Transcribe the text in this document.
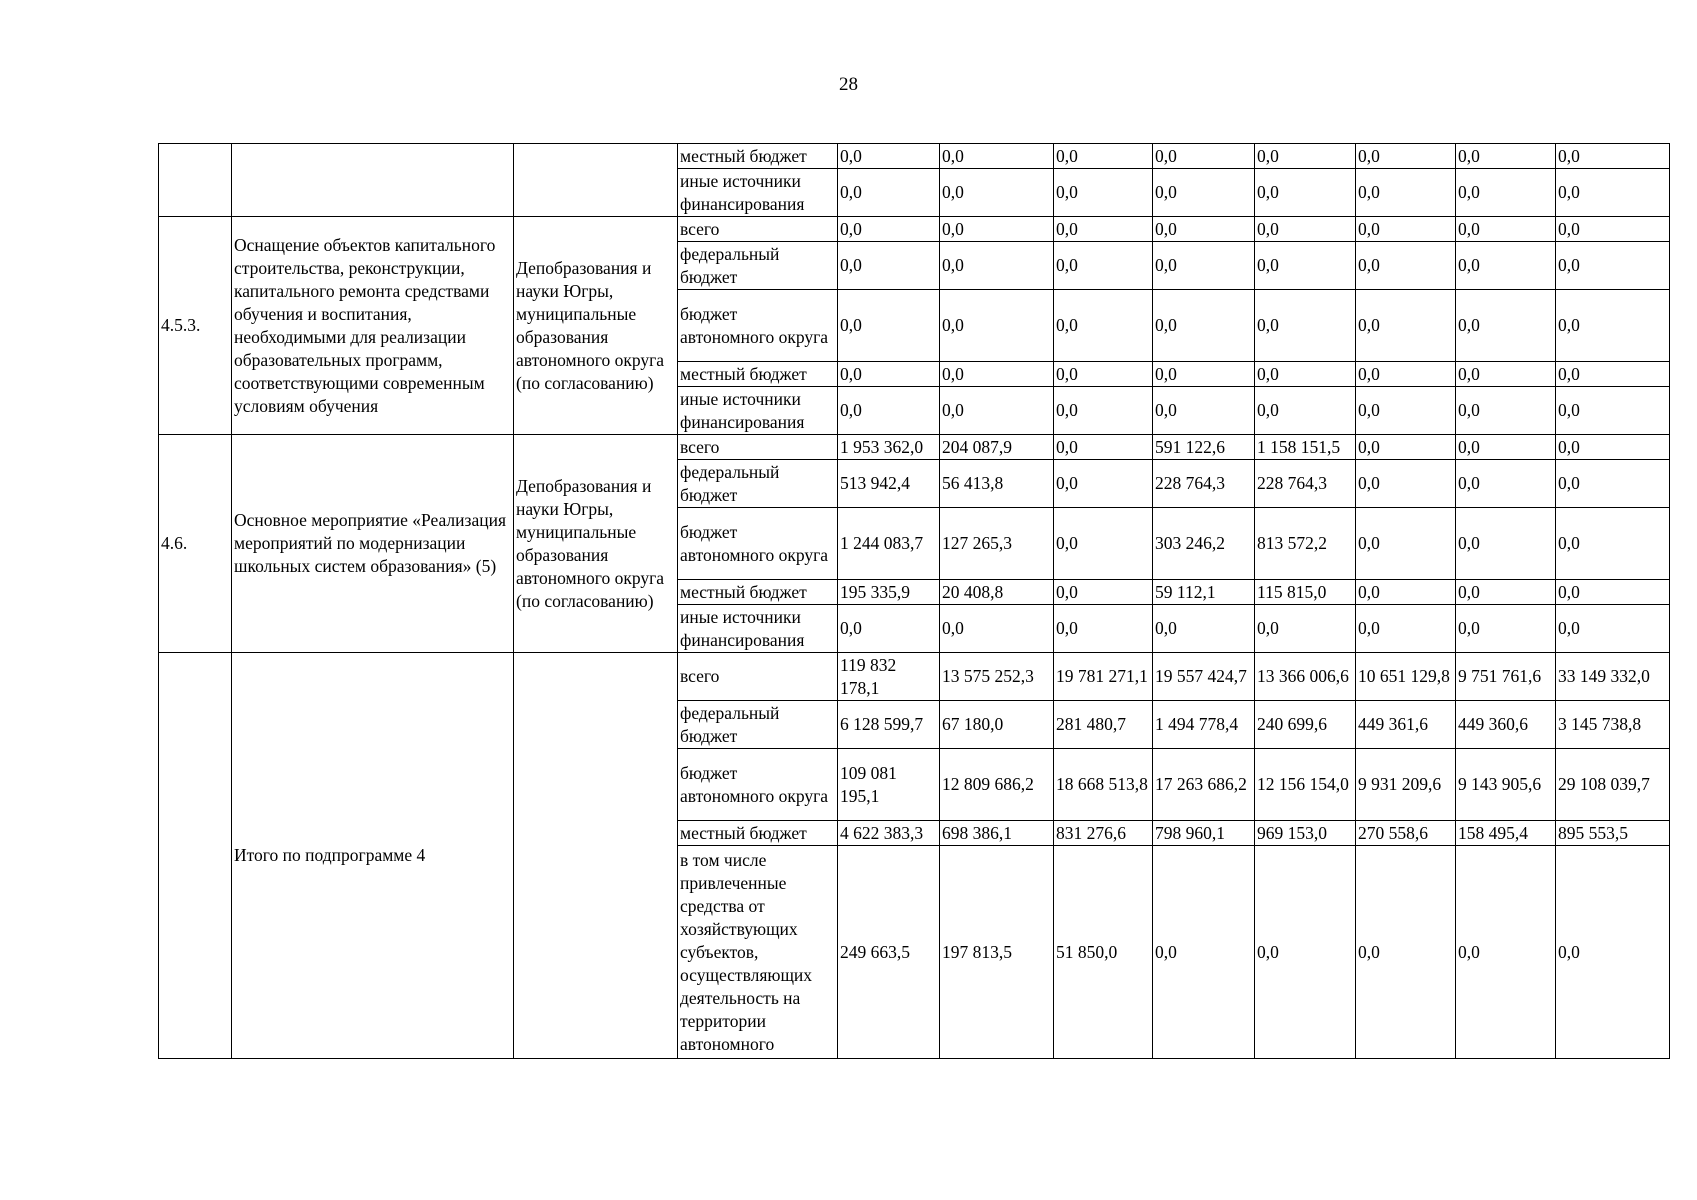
28
			местный бюджет	0,0	0,0	0,0	0,0	0,0	0,0	0,0	0,0
			иные источники финансирования	0,0	0,0	0,0	0,0	0,0	0,0	0,0	0,0
4.5.3.	Оснащение объектов капитального строительства, реконструкции, капитального ремонта средствами обучения и воспитания, необходимыми для реализации образовательных программ, соответствующими современным условиям обучения	Депобразования и науки Югры, муниципальные образования автономного округа (по согласованию)	всего	0,0	0,0	0,0	0,0	0,0	0,0	0,0	0,0
			федеральный бюджет	0,0	0,0	0,0	0,0	0,0	0,0	0,0	0,0
			бюджет автономного округа	0,0	0,0	0,0	0,0	0,0	0,0	0,0	0,0
			местный бюджет	0,0	0,0	0,0	0,0	0,0	0,0	0,0	0,0
			иные источники финансирования	0,0	0,0	0,0	0,0	0,0	0,0	0,0	0,0
4.6.	Основное мероприятие «Реализация мероприятий по модернизации школьных систем образования» (5)	Депобразования и науки Югры, муниципальные образования автономного округа (по согласованию)	всего	1 953 362,0	204 087,9	0,0	591 122,6	1 158 151,5	0,0	0,0	0,0
			федеральный бюджет	513 942,4	56 413,8	0,0	228 764,3	228 764,3	0,0	0,0	0,0
			бюджет автономного округа	1 244 083,7	127 265,3	0,0	303 246,2	813 572,2	0,0	0,0	0,0
			местный бюджет	195 335,9	20 408,8	0,0	59 112,1	115 815,0	0,0	0,0	0,0
			иные источники финансирования	0,0	0,0	0,0	0,0	0,0	0,0	0,0	0,0
	Итого по подпрограмме 4		всего	119 832 178,1	13 575 252,3	19 781 271,1	19 557 424,7	13 366 006,6	10 651 129,8	9 751 761,6	33 149 332,0
			федеральный бюджет	6 128 599,7	67 180,0	281 480,7	1 494 778,4	240 699,6	449 361,6	449 360,6	3 145 738,8
			бюджет автономного округа	109 081 195,1	12 809 686,2	18 668 513,8	17 263 686,2	12 156 154,0	9 931 209,6	9 143 905,6	29 108 039,7
			местный бюджет	4 622 383,3	698 386,1	831 276,6	798 960,1	969 153,0	270 558,6	158 495,4	895 553,5
			в том числе привлеченные средства от хозяйствующих субъектов, осуществляющих деятельность на территории автономного	249 663,5	197 813,5	51 850,0	0,0	0,0	0,0	0,0	0,0
